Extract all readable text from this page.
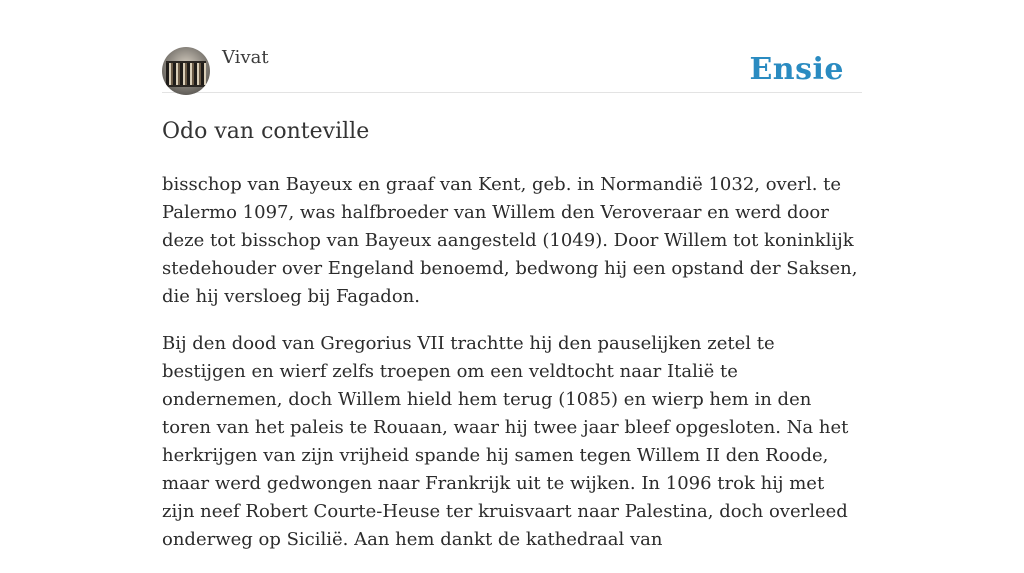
Vivat	Ensie
Odo van conteville

bisschop van Bayeux en graaf van Kent, geb. in Normandië 1032, overl. te Palermo 1097, was halfbroeder van Willem den Veroveraar en werd door deze tot bisschop van Bayeux aangesteld (1049). Door Willem tot koninklijk stedehouder over Engeland benoemd, bedwong hij een opstand der Saksen, die hij versloeg bij Fagadon.

Bij den dood van Gregorius VII trachtte hij den pauselijken zetel te bestijgen en wierf zelfs troepen om een veldtocht naar Italië te ondernemen, doch Willem hield hem terug (1085) en wierp hem in den toren van het paleis te Rouaan, waar hij twee jaar bleef opgesloten. Na het herkrijgen van zijn vrijheid spande hij samen tegen Willem II den Roode, maar werd gedwongen naar Frankrijk uit te wijken. In 1096 trok hij met zijn neef Robert Courte-Heuse ter kruisvaart naar Palestina, doch overleed onderweg op Sicilië. Aan hem dankt de kathedraal van
